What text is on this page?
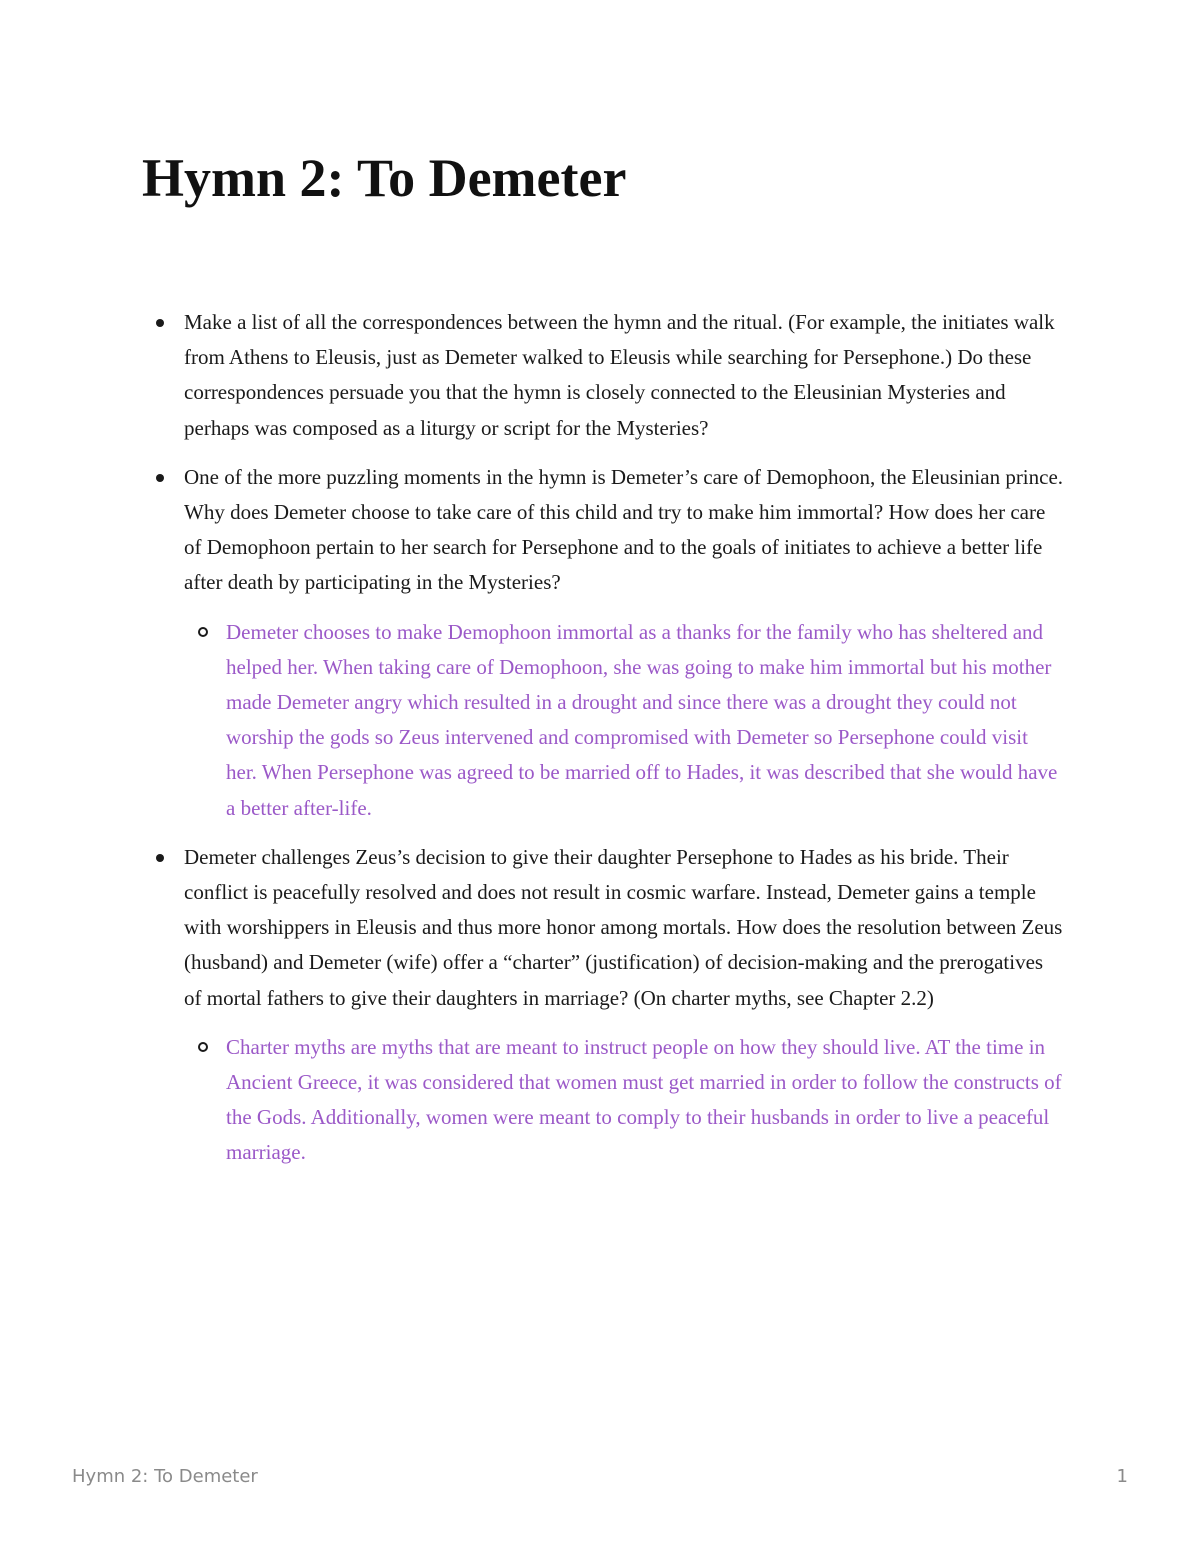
Hymn 2: To Demeter
Make a list of all the correspondences between the hymn and the ritual. (For example, the initiates walk from Athens to Eleusis, just as Demeter walked to Eleusis while searching for Persephone.) Do these correspondences persuade you that the hymn is closely connected to the Eleusinian Mysteries and perhaps was composed as a liturgy or script for the Mysteries?
One of the more puzzling moments in the hymn is Demeter’s care of Demophoon, the Eleusinian prince. Why does Demeter choose to take care of this child and try to make him immortal? How does her care of Demophoon pertain to her search for Persephone and to the goals of initiates to achieve a better life after death by participating in the Mysteries?
Demeter chooses to make Demophoon immortal as a thanks for the family who has sheltered and helped her. When taking care of Demophoon, she was going to make him immortal but his mother made Demeter angry which resulted in a drought and since there was a drought they could not worship the gods so Zeus intervened and compromised with Demeter so Persephone could visit her. When Persephone was agreed to be married off to Hades, it was described that she would have a better after-life.
Demeter challenges Zeus’s decision to give their daughter Persephone to Hades as his bride. Their conflict is peacefully resolved and does not result in cosmic warfare. Instead, Demeter gains a temple with worshippers in Eleusis and thus more honor among mortals. How does the resolution between Zeus (husband) and Demeter (wife) offer a “charter” (justification) of decision-making and the prerogatives of mortal fathers to give their daughters in marriage? (On charter myths, see Chapter 2.2)
Charter myths are myths that are meant to instruct people on how they should live. AT the time in Ancient Greece, it was considered that women must get married in order to follow the constructs of the Gods. Additionally, women were meant to comply to their husbands in order to live a peaceful marriage.
Hymn 2: To Demeter	1
